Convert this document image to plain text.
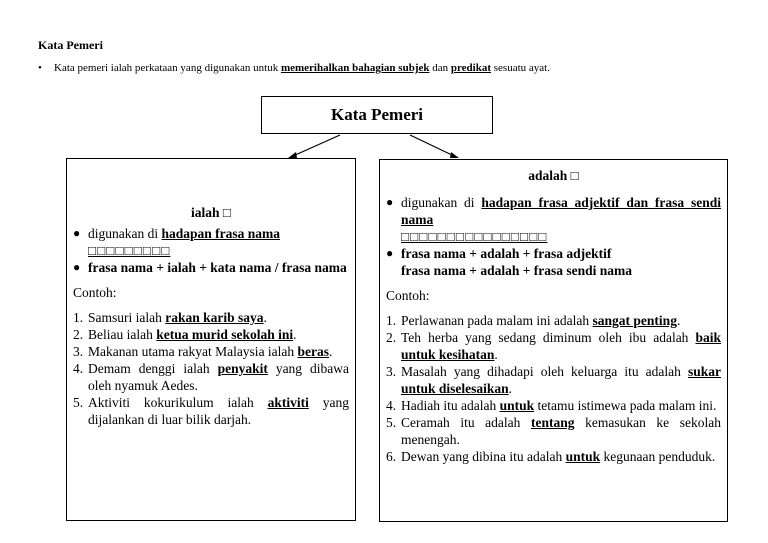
Kata Pemeri
• Kata pemeri ialah perkataan yang digunakan untuk memerihalkan bahagian subjek dan predikat sesuatu ayat.
Kata Pemeri
ialah □
● digunakan di hadapan frasa nama
□□□□□□□□□
● frasa nama + ialah + kata nama / frasa nama
Contoh:
1. Samsuri ialah rakan karib saya.
2. Beliau ialah ketua murid sekolah ini.
3. Makanan utama rakyat Malaysia ialah beras.
4. Demam denggi ialah penyakit yang dibawa oleh nyamuk Aedes.
5. Aktiviti kokurikulum ialah aktiviti yang dijalankan di luar bilik darjah.
adalah □
● digunakan di hadapan frasa adjektif dan frasa sendi nama
□□□□□□□□□□□□□□□□
● frasa nama + adalah + frasa adjektif
frasa nama + adalah + frasa sendi nama
Contoh:
1. Perlawanan pada malam ini adalah sangat penting.
2. Teh herba yang sedang diminum oleh ibu adalah baik untuk kesihatan.
3. Masalah yang dihadapi oleh keluarga itu adalah sukar untuk diselesaikan.
4. Hadiah itu adalah untuk tetamu istimewa pada malam ini.
5. Ceramah itu adalah tentang kemasukan ke sekolah menengah.
6. Dewan yang dibina itu adalah untuk kegunaan penduduk.
